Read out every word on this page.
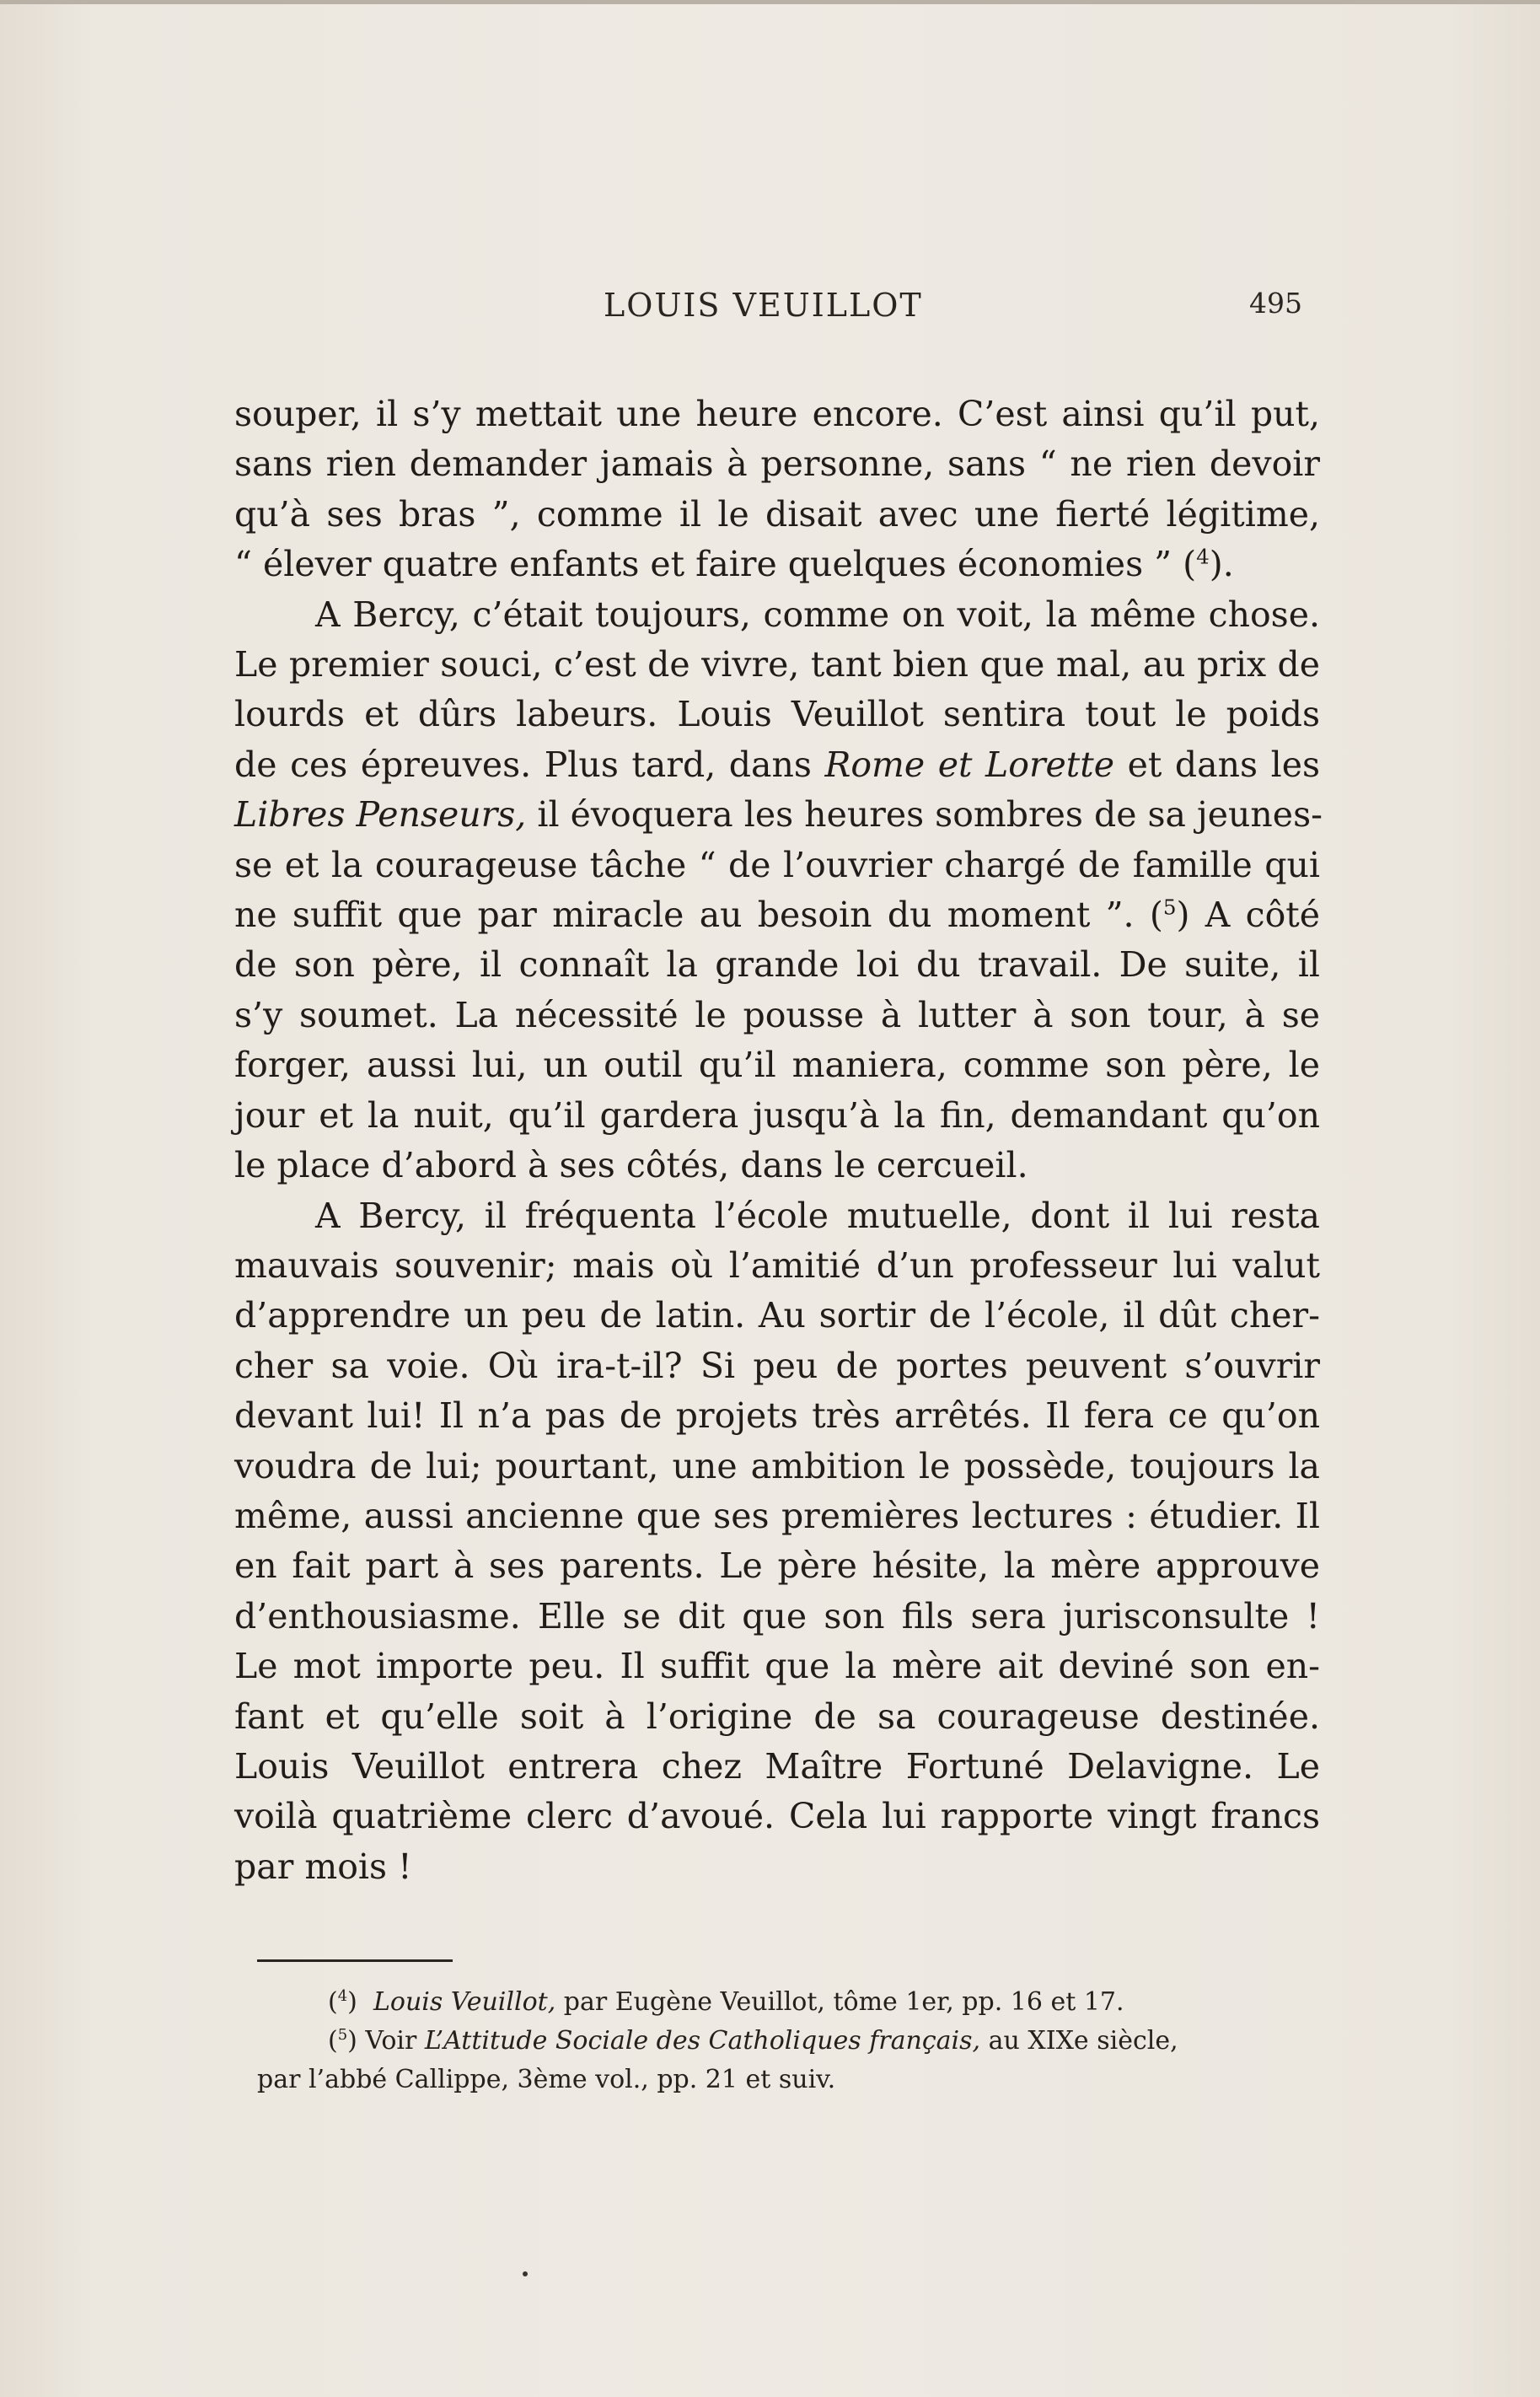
LOUIS VEUILLOT	495
souper, il s’y mettait une heure encore. C’est ainsi qu’il put,
sans rien demander jamais à personne, sans “ ne rien devoir
qu’à ses bras ”, comme il le disait avec une fierté légitime,
“ élever quatre enfants et faire quelques économies ” ($^4$).
A Bercy, c’était toujours, comme on voit, la même chose.
Le premier souci, c’est de vivre, tant bien que mal, au prix de
lourds et dûrs labeurs. Louis Veuillot sentira tout le poids
de ces épreuves. Plus tard, dans Rome et Lorette et dans les
Libres Penseurs, il évoquera les heures sombres de sa jeunes-
se et la courageuse tâche “ de l’ouvrier chargé de famille qui
ne suffit que par miracle au besoin du moment ”. ($^5$) A côté
de son père, il connaît la grande loi du travail. De suite, il
s’y soumet. La nécessité le pousse à lutter à son tour, à se
forger, aussi lui, un outil qu’il maniera, comme son père, le
jour et la nuit, qu’il gardera jusqu’à la fin, demandant qu’on
le place d’abord à ses côtés, dans le cercueil.
A Bercy, il fréquenta l’école mutuelle, dont il lui resta
mauvais souvenir; mais où l’amitié d’un professeur lui valut
d’apprendre un peu de latin. Au sortir de l’école, il dût cher-
cher sa voie. Où ira-t-il? Si peu de portes peuvent s’ouvrir
devant lui! Il n’a pas de projets très arrêtés. Il fera ce qu’on
voudra de lui; pourtant, une ambition le possède, toujours la
même, aussi ancienne que ses premières lectures : étudier. Il
en fait part à ses parents. Le père hésite, la mère approuve
d’enthousiasme. Elle se dit que son fils sera jurisconsulte !
Le mot importe peu. Il suffit que la mère ait deviné son en-
fant et qu’elle soit à l’origine de sa courageuse destinée.
Louis Veuillot entrera chez Maître Fortuné Delavigne. Le
voilà quatrième clerc d’avoué. Cela lui rapporte vingt francs
par mois !
($^4$) Louis Veuillot, par Eugène Veuillot, tôme 1er, pp. 16 et 17.
($^5$) Voir L’Attitude Sociale des Catholiques français, au XIXe siècle,
par l’abbé Callippe, 3ème vol., pp. 21 et suiv.
